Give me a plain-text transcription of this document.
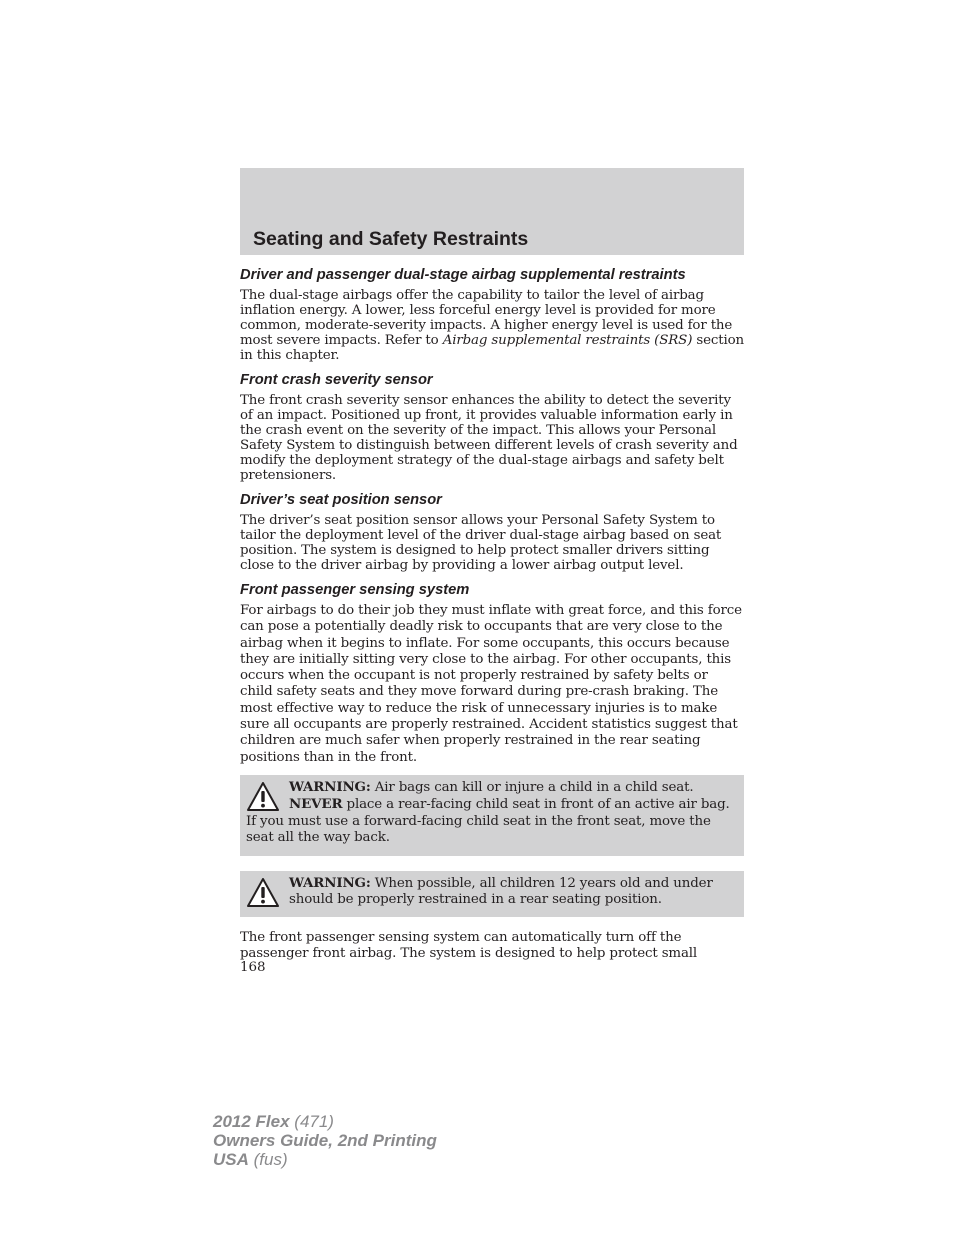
Seating and Safety Restraints
Driver and passenger dual-stage airbag supplemental restraints

The dual-stage airbags offer the capability to tailor the level of airbag inflation energy. A lower, less forceful energy level is provided for more common, moderate-severity impacts. A higher energy level is used for the most severe impacts. Refer to Airbag supplemental restraints (SRS) section in this chapter.

Front crash severity sensor

The front crash severity sensor enhances the ability to detect the severity of an impact. Positioned up front, it provides valuable information early in the crash event on the severity of the impact. This allows your Personal Safety System to distinguish between different levels of crash severity and modify the deployment strategy of the dual-stage airbags and safety belt pretensioners.

Driver’s seat position sensor

The driver’s seat position sensor allows your Personal Safety System to tailor the deployment level of the driver dual-stage airbag based on seat position. The system is designed to help protect smaller drivers sitting close to the driver airbag by providing a lower airbag output level.

Front passenger sensing system

For airbags to do their job they must inflate with great force, and this force can pose a potentially deadly risk to occupants that are very close to the airbag when it begins to inflate. For some occupants, this occurs because they are initially sitting very close to the airbag. For other occupants, this occurs when the occupant is not properly restrained by safety belts or child safety seats and they move forward during pre-crash braking. The most effective way to reduce the risk of unnecessary injuries is to make sure all occupants are properly restrained. Accident statistics suggest that children are much safer when properly restrained in the rear seating positions than in the front.

WARNING: Air bags can kill or injure a child in a child seat. NEVER place a rear-facing child seat in front of an active air bag. If you must use a forward-facing child seat in the front seat, move the seat all the way back.
WARNING: When possible, all children 12 years old and under should be properly restrained in a rear seating position.

The front passenger sensing system can automatically turn off the passenger front airbag. The system is designed to help protect small

168
2012 Flex (471)
Owners Guide, 2nd Printing
USA (fus)
